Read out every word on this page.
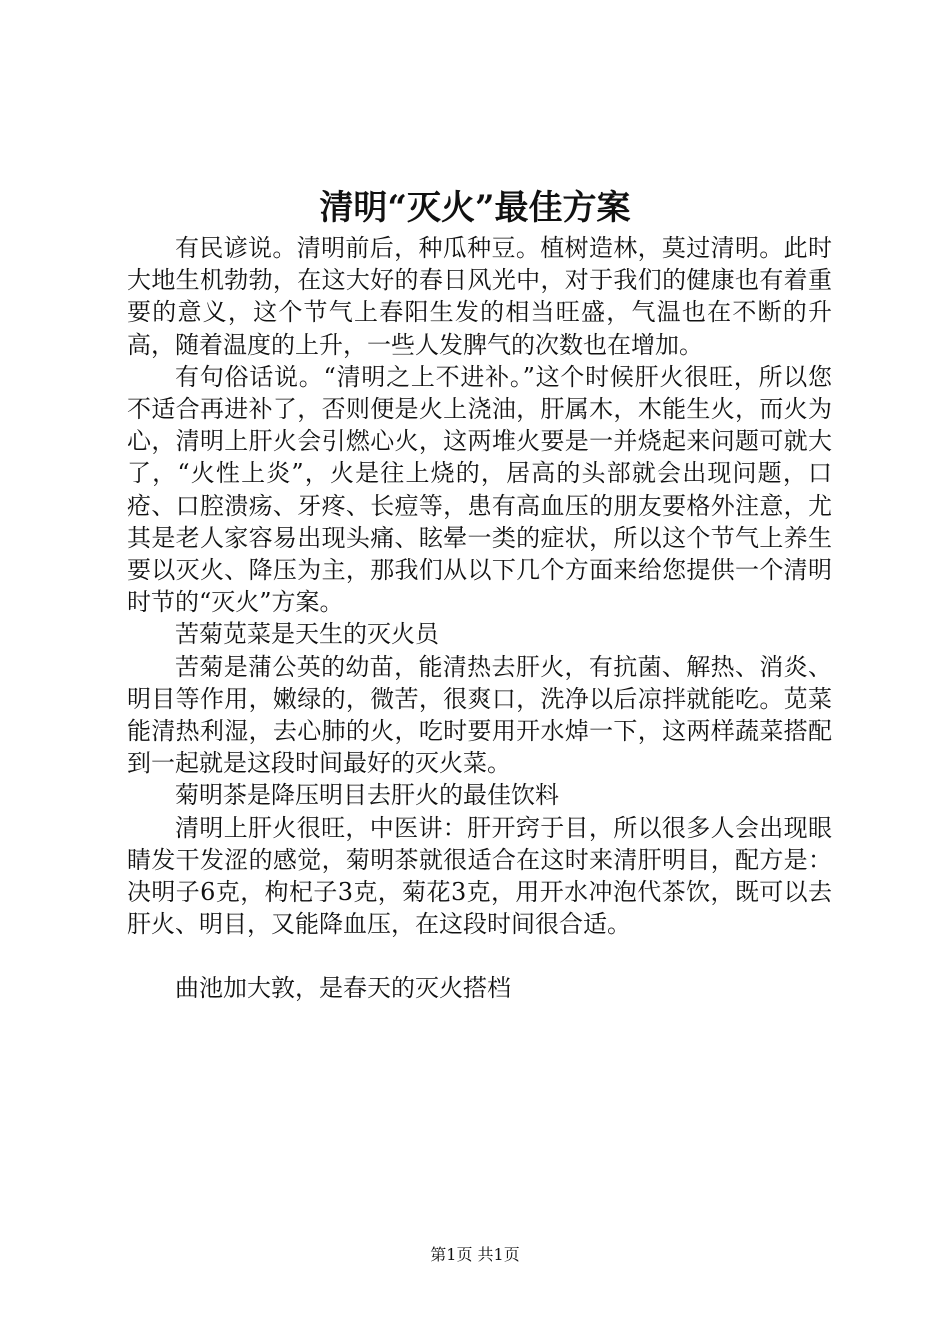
清明“灭火”最佳方案

有民谚说。清明前后，种瓜种豆。植树造林，莫过清明。此时大地生机勃勃，在这大好的春日风光中，对于我们的健康也有着重要的意义，这个节气上春阳生发的相当旺盛，气温也在不断的升高，随着温度的上升，一些人发脾气的次数也在增加。

有句俗话说。“清明之上不进补。”这个时候肝火很旺，所以您不适合再进补了，否则便是火上浇油，肝属木，木能生火，而火为心，清明上肝火会引燃心火，这两堆火要是一并烧起来问题可就大了，“火性上炎”，火是往上烧的，居高的头部就会出现问题，口疮、口腔溃疡、牙疼、长痘等，患有高血压的朋友要格外注意，尤其是老人家容易出现头痛、眩晕一类的症状，所以这个节气上养生要以灭火、降压为主，那我们从以下几个方面来给您提供一个清明时节的“灭火”方案。

苦菊苋菜是天生的灭火员

苦菊是蒲公英的幼苗，能清热去肝火，有抗菌、解热、消炎、明目等作用，嫩绿的，微苦，很爽口，洗净以后凉拌就能吃。苋菜能清热利湿，去心肺的火，吃时要用开水焯一下，这两样蔬菜搭配到一起就是这段时间最好的灭火菜。

菊明茶是降压明目去肝火的最佳饮料

清明上肝火很旺，中医讲：肝开窍于目，所以很多人会出现眼睛发干发涩的感觉，菊明茶就很适合在这时来清肝明目，配方是：决明子6克，枸杞子3克，菊花3克，用开水冲泡代茶饮，既可以去肝火、明目，又能降血压，在这段时间很合适。

曲池加大敦，是春天的灭火搭档

第1页 共1页
